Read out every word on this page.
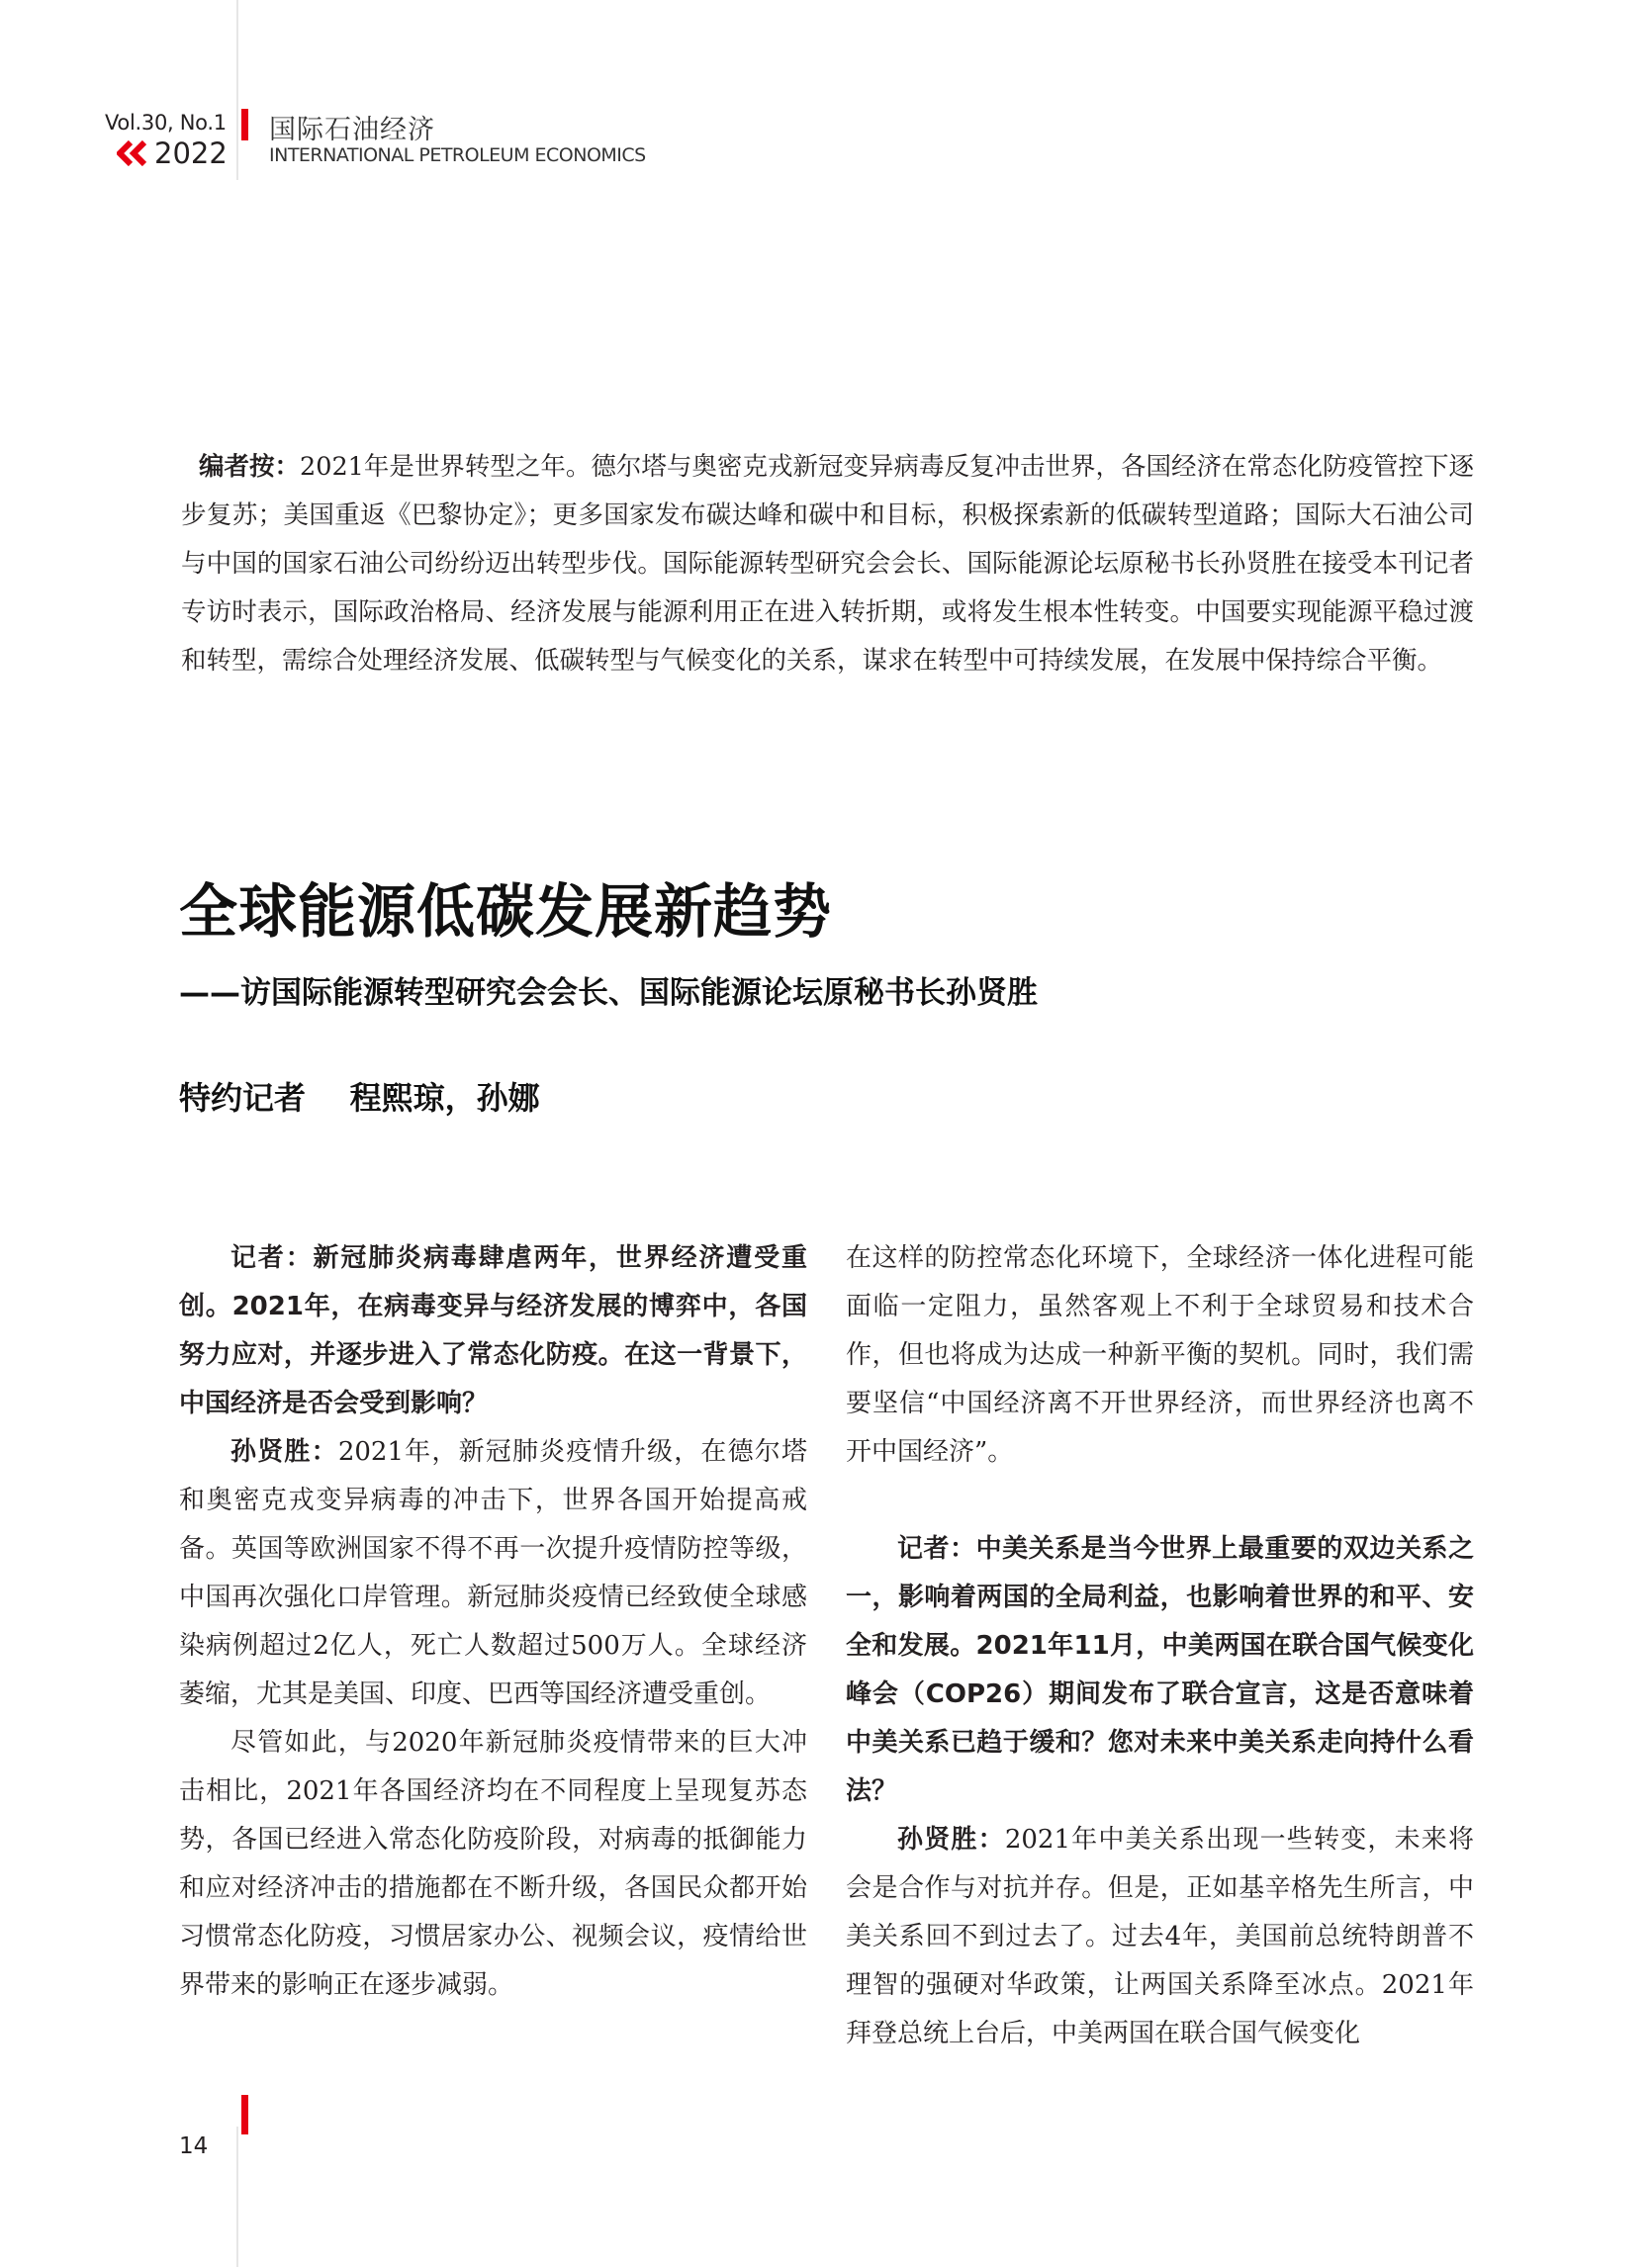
Vol.30, No.1
2022
国际石油经济
INTERNATIONAL PETROLEUM ECONOMICS
编者按：2021年是世界转型之年。德尔塔与奥密克戎新冠变异病毒反复冲击世界，各国经济在常态化防疫管控下逐步复苏；美国重返《巴黎协定》；更多国家发布碳达峰和碳中和目标，积极探索新的低碳转型道路；国际大石油公司与中国的国家石油公司纷纷迈出转型步伐。国际能源转型研究会会长、国际能源论坛原秘书长孙贤胜在接受本刊记者专访时表示，国际政治格局、经济发展与能源利用正在进入转折期，或将发生根本性转变。中国要实现能源平稳过渡和转型，需综合处理经济发展、低碳转型与气候变化的关系，谋求在转型中可持续发展，在发展中保持综合平衡。
全球能源低碳发展新趋势
——访国际能源转型研究会会长、国际能源论坛原秘书长孙贤胜
特约记者    程熙琼，孙娜

记者：新冠肺炎病毒肆虐两年，世界经济遭受重创。2021年，在病毒变异与经济发展的博弈中，各国努力应对，并逐步进入了常态化防疫。在这一背景下，中国经济是否会受到影响？

孙贤胜：2021年，新冠肺炎疫情升级，在德尔塔和奥密克戎变异病毒的冲击下，世界各国开始提高戒备。英国等欧洲国家不得不再一次提升疫情防控等级，中国再次强化口岸管理。新冠肺炎疫情已经致使全球感染病例超过2亿人，死亡人数超过500万人。全球经济萎缩，尤其是美国、印度、巴西等国经济遭受重创。

尽管如此，与2020年新冠肺炎疫情带来的巨大冲击相比，2021年各国经济均在不同程度上呈现复苏态势，各国已经进入常态化防疫阶段，对病毒的抵御能力和应对经济冲击的措施都在不断升级，各国民众都开始习惯常态化防疫，习惯居家办公、视频会议，疫情给世界带来的影响正在逐步减弱。

在这样的防控常态化环境下，全球经济一体化进程可能面临一定阻力，虽然客观上不利于全球贸易和技术合作，但也将成为达成一种新平衡的契机。同时，我们需要坚信“中国经济离不开世界经济，而世界经济也离不开中国经济”。

记者：中美关系是当今世界上最重要的双边关系之一，影响着两国的全局利益，也影响着世界的和平、安全和发展。2021年11月，中美两国在联合国气候变化峰会（COP26）期间发布了联合宣言，这是否意味着中美关系已趋于缓和？您对未来中美关系走向持什么看法？

孙贤胜：2021年中美关系出现一些转变，未来将会是合作与对抗并存。但是，正如基辛格先生所言，中美关系回不到过去了。过去4年，美国前总统特朗普不理智的强硬对华政策，让两国关系降至冰点。2021年拜登总统上台后，中美两国在联合国气候变化

14
